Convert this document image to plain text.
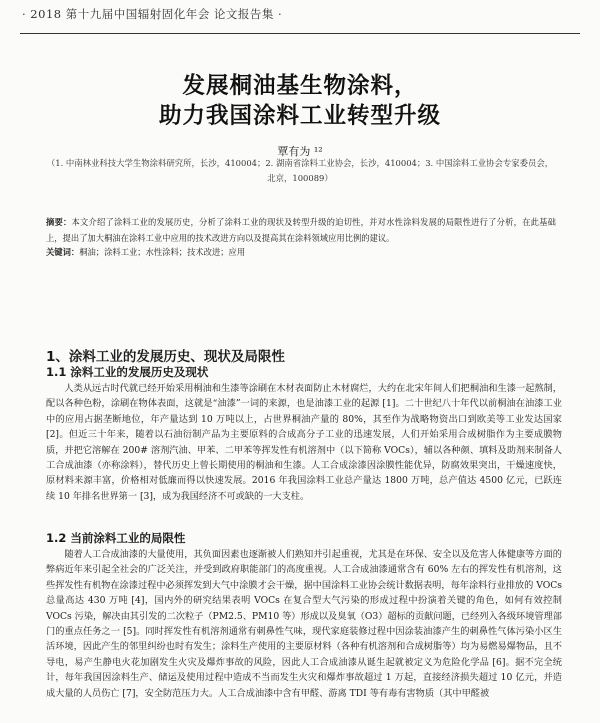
· 2018 第十九届中国辐射固化年会 论文报告集 ·
发展桐油基生物涂料，
助力我国涂料工业转型升级
覃有为 ¹²
（1. 中南林业科技大学生物涂料研究所，长沙，410004；2. 湖南省涂料工业协会，长沙，410004；3. 中国涂料工业协会专家委员会，北京，100089）
摘要：本文介绍了涂料工业的发展历史，分析了涂料工业的现状及转型升级的迫切性，并对水性涂料发展的局限性进行了分析，在此基础上，提出了加大桐油在涂料工业中应用的技术改进方向以及提高其在涂料领域应用比例的建议。
关键词：桐油；涂料工业；水性涂料；技术改进；应用
1、涂料工业的发展历史、现状及局限性
1.1 涂料工业的发展历史及现状
人类从远古时代就已经开始采用桐油和生漆等涂刷在木材表面防止木材腐烂，大约在北宋年间人们把桐油和生漆一起熬制，配以各种色粉，涂刷在物体表面，这就是“油漆”一词的来源，也是油漆工业的起源 [1]。二十世纪八十年代以前桐油在油漆工业中的应用占据垄断地位，年产量达到 10 万吨以上，占世界桐油产量的 80%，其至作为战略物资出口到欧美等工业发达国家 [2]。但近三十年来，随着以石油衍制产品为主要原料的合成高分子工业的迅速发展，人们开始采用合成树脂作为主要成膜物质，并把它溶解在 200# 溶剂汽油、甲苯、二甲苯等挥发性有机溶剂中（以下简称 VOCs），辅以各种颜、填料及助剂来制备人工合成油漆（亦称涂料），替代历史上曾长期使用的桐油和生漆。人工合成涂漆因涂膜性能优异，防腐效果突出，干燥速度快，原材料来源丰富，价格相对低廉而得以快速发展。2016 年我国涂料工业总产量达 1800 万吨，总产值达 4500 亿元，已跃连续 10 年排名世界第一 [3]，成为我国经济不可或缺的一大支柱。
1.2 当前涂料工业的局限性
随着人工合成油漆的大量使用，其负面因素也逐渐被人们熟知并引起重视，尤其是在环保、安全以及危害人体健康等方面的弊病近年来引起全社会的广泛关注，并受到政府职能部门的高度重视。人工合成油漆通常含有 60% 左右的挥发性有机溶剂，这些挥发性有机物在涂漆过程中必须挥发到大气中涂膜才会干燥，据中国涂料工业协会统计数据表明，每年涂料行业排放的 VOCs 总量高达 430 万吨 [4]，国内外的研究结果表明 VOCs 在复合型大气污染的形成过程中扮演着关键的角色，如何有效控制 VOCs 污染，解决由其引发的二次粒子（PM2.5、PM10 等）形成以及臭氧（O3）超标的贡献问题，已经列入各级环境管理部门的重点任务之一 [5]。同时挥发性有机溶剂通常有刺鼻性气味，现代家庭装修过程中因涂装油漆产生的刺鼻性气体污染小区生活环境，因此产生的邻里纠纷也时有发生；涂料生产使用的主要原材料（各种有机溶剂和合成树脂等）均为易燃易爆物品，且不导电，易产生静电火花加剧发生火灾及爆炸事故的风险，因此人工合成油漆从诞生起就被定义为危险化学品 [6]。据不完全统计，每年我国因涂料生产、储运及使用过程中造成不当而发生火灾和爆炸事故超过 1 万起，直接经济损失超过 10 亿元，并造成大量的人员伤亡 [7]，安全防范压力大。人工合成油漆中含有甲醛、游离 TDI 等有毒有害物质（其中甲醛被
